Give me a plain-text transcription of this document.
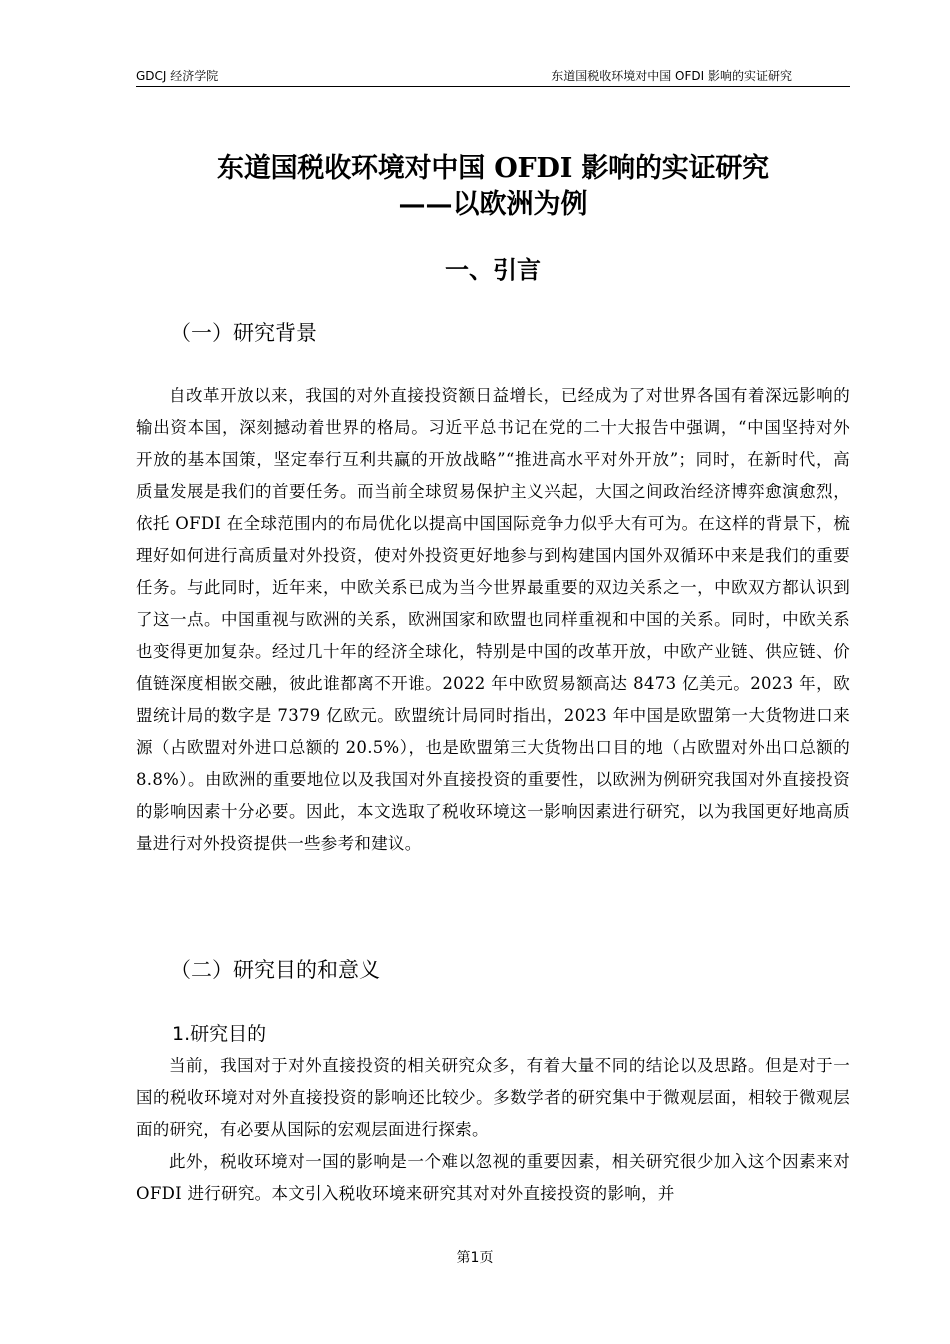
GDCJ 经济学院	东道国税收环境对中国 OFDI 影响的实证研究
东道国税收环境对中国 OFDI 影响的实证研究
——以欧洲为例
一、引言
（一）研究背景

自改革开放以来，我国的对外直接投资额日益增长，已经成为了对世界各国有着深远影响的输出资本国，深刻撼动着世界的格局。习近平总书记在党的二十大报告中强调，“中国坚持对外开放的基本国策，坚定奉行互利共赢的开放战略”“推进高水平对外开放”；同时，在新时代，高质量发展是我们的首要任务。而当前全球贸易保护主义兴起，大国之间政治经济博弈愈演愈烈，依托 OFDI 在全球范围内的布局优化以提高中国国际竞争力似乎大有可为。在这样的背景下，梳理好如何进行高质量对外投资，使对外投资更好地参与到构建国内国外双循环中来是我们的重要任务。与此同时，近年来，中欧关系已成为当今世界最重要的双边关系之一，中欧双方都认识到了这一点。中国重视与欧洲的关系，欧洲国家和欧盟也同样重视和中国的关系。同时，中欧关系也变得更加复杂。经过几十年的经济全球化，特别是中国的改革开放，中欧产业链、供应链、价值链深度相嵌交融，彼此谁都离不开谁。2022 年中欧贸易额高达 8473 亿美元。2023 年，欧盟统计局的数字是 7379 亿欧元。欧盟统计局同时指出，2023 年中国是欧盟第一大货物进口来源（占欧盟对外进口总额的 20.5%），也是欧盟第三大货物出口目的地（占欧盟对外出口总额的 8.8%）。由欧洲的重要地位以及我国对外直接投资的重要性，以欧洲为例研究我国对外直接投资的影响因素十分必要。因此，本文选取了税收环境这一影响因素进行研究，以为我国更好地高质量进行对外投资提供一些参考和建议。

（二）研究目的和意义
1.研究目的

当前，我国对于对外直接投资的相关研究众多，有着大量不同的结论以及思路。但是对于一国的税收环境对对外直接投资的影响还比较少。多数学者的研究集中于微观层面，相较于微观层面的研究，有必要从国际的宏观层面进行探索。

此外，税收环境对一国的影响是一个难以忽视的重要因素，相关研究很少加入这个因素来对 OFDI 进行研究。本文引入税收环境来研究其对对外直接投资的影响，并

第1页
